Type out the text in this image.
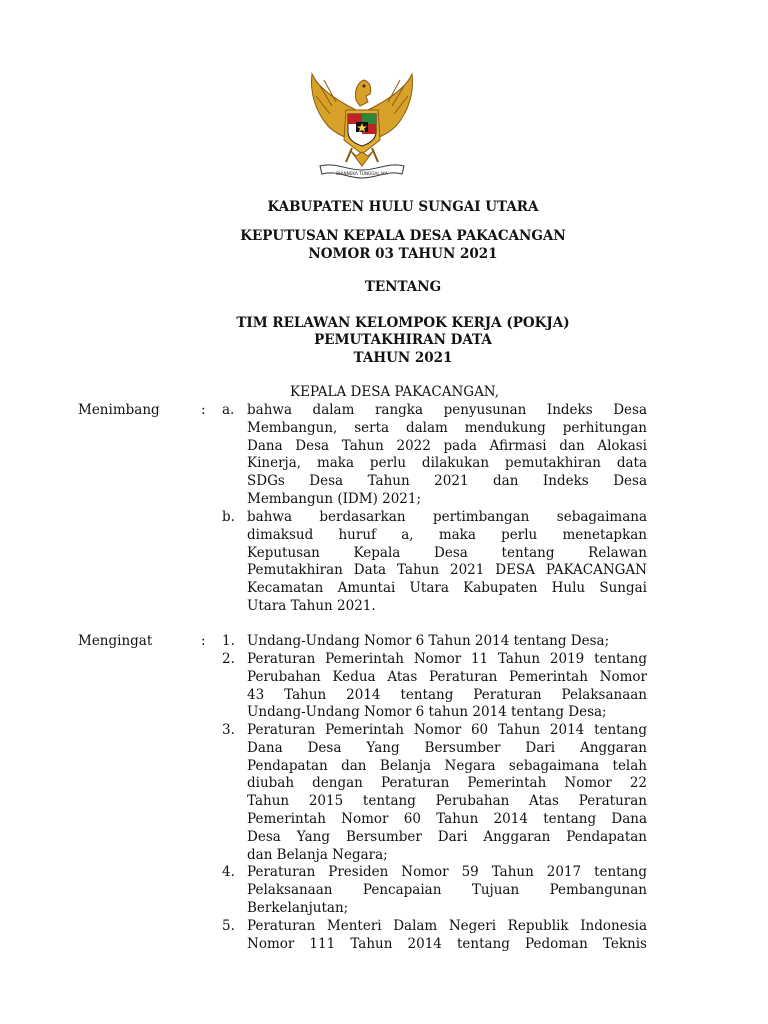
BHINNEKA TUNGGAL IKA
KABUPATEN HULU SUNGAI UTARA
KEPUTUSAN KEPALA DESA PAKACANGAN
NOMOR 03 TAHUN 2021
TENTANG
TIM RELAWAN KELOMPOK KERJA (POKJA)
PEMUTAKHIRAN DATA
TAHUN 2021
KEPALA DESA PAKACANGAN,
Menimbang	: a. bahwa dalam rangka penyusunan Indeks Desa
Membangun, serta dalam mendukung perhitungan
Dana Desa Tahun 2022 pada Afirmasi dan Alokasi
Kinerja, maka perlu dilakukan pemutakhiran data
SDGs Desa Tahun 2021 dan Indeks Desa
Membangun (IDM) 2021;
b. bahwa berdasarkan pertimbangan sebagaimana
dimaksud huruf a, maka perlu menetapkan
Keputusan Kepala Desa tentang Relawan
Pemutakhiran Data Tahun 2021 DESA PAKACANGAN
Kecamatan Amuntai Utara Kabupaten Hulu Sungai
Utara Tahun 2021.
Mengingat	: 1. Undang-Undang Nomor 6 Tahun 2014 tentang Desa;
2. Peraturan Pemerintah Nomor 11 Tahun 2019 tentang
Perubahan Kedua Atas Peraturan Pemerintah Nomor
43 Tahun 2014 tentang Peraturan Pelaksanaan
Undang-Undang Nomor 6 tahun 2014 tentang Desa;
3. Peraturan Pemerintah Nomor 60 Tahun 2014 tentang
Dana Desa Yang Bersumber Dari Anggaran
Pendapatan dan Belanja Negara sebagaimana telah
diubah dengan Peraturan Pemerintah Nomor 22
Tahun 2015 tentang Perubahan Atas Peraturan
Pemerintah Nomor 60 Tahun 2014 tentang Dana
Desa Yang Bersumber Dari Anggaran Pendapatan
dan Belanja Negara;
4. Peraturan Presiden Nomor 59 Tahun 2017 tentang
Pelaksanaan Pencapaian Tujuan Pembangunan
Berkelanjutan;
5. Peraturan Menteri Dalam Negeri Republik Indonesia
Nomor 111 Tahun 2014 tentang Pedoman Teknis
